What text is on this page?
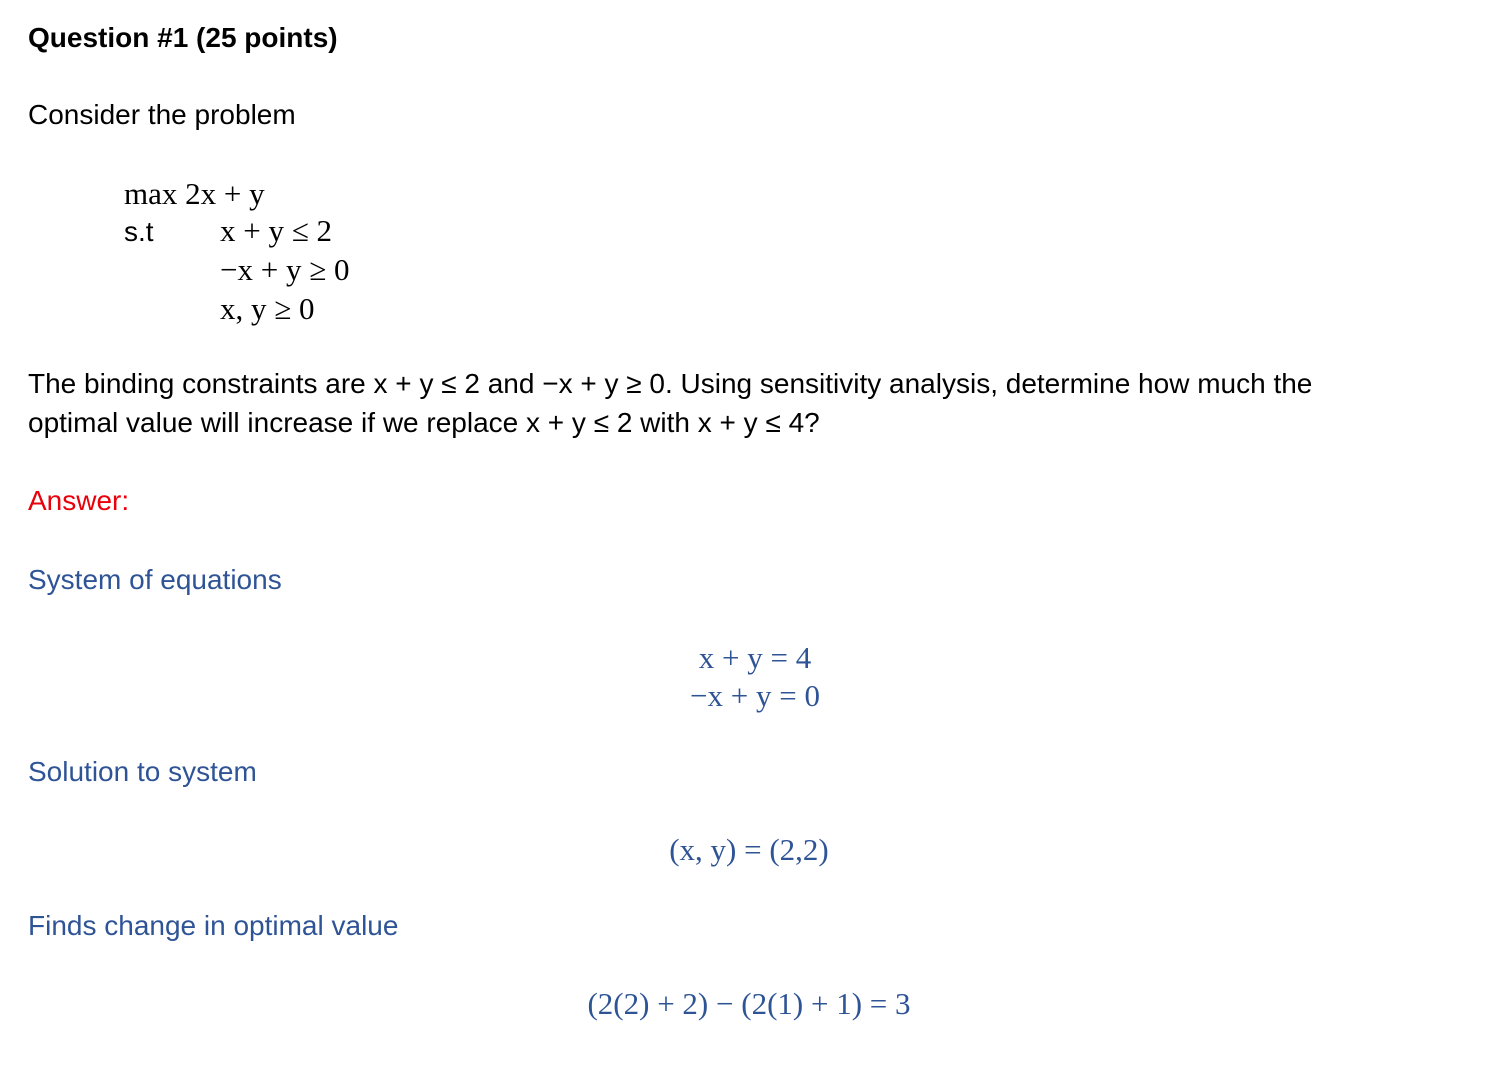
Question #1 (25 points)
Consider the problem
max 2x + y
s.t x + y ≤ 2
−x + y ≥ 0
x, y ≥ 0
The binding constraints are x + y ≤ 2 and −x + y ≥ 0. Using sensitivity analysis, determine how much the
optimal value will increase if we replace x + y ≤ 2 with x + y ≤ 4?
Answer:
System of equations
x + y = 4
−x + y = 0
Solution to system
(x, y) = (2,2)
Finds change in optimal value
(2(2) + 2) − (2(1) + 1) = 3
